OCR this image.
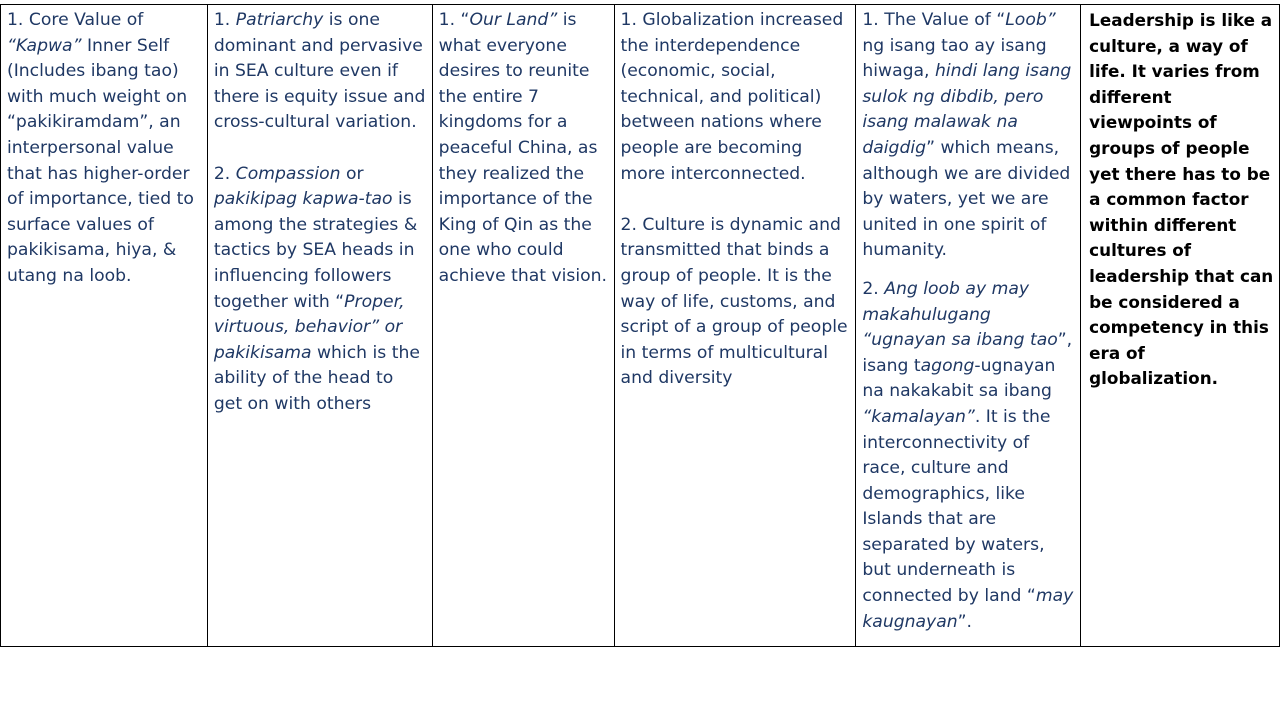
1. Core Value of “Kapwa” Inner Self (Includes ibang tao) with much weight on “pakikiramdam”, an interpersonal value that has higher-order of importance, tied to surface values of pakikisama, hiya, & utang na loob.

1. Patriarchy is one dominant and pervasive in SEA culture even if there is equity issue and cross-cultural variation.

2. Compassion or pakikipag kapwa-tao is among the strategies & tactics by SEA heads in influencing followers together with “Proper, virtuous, behavior” or pakikisama which is the ability of the head to get on with others

1. “Our Land” is what everyone desires to reunite the entire 7 kingdoms for a peaceful China, as they realized the importance of the King of Qin as the one who could achieve that vision.

1. Globalization increased the interdependence (economic, social, technical, and political) between nations where people are becoming more interconnected.

2. Culture is dynamic and transmitted that binds a group of people. It is the way of life, customs, and script of a group of people in terms of multicultural and diversity

1. The Value of “Loob” ng isang tao ay isang hiwaga, hindi lang isang sulok ng dibdib, pero isang malawak na daigdig” which means, although we are divided by waters, yet we are united in one spirit of humanity.

2. Ang loob ay may makahulugang “ugnayan sa ibang tao”, isang tagong-ugnayan na nakakabit sa ibang “kamalayan”. It is the interconnectivity of race, culture and demographics, like Islands that are separated by waters, but underneath is connected by land “may kaugnayan”.

Leadership is like a culture, a way of life. It varies from different viewpoints of groups of people yet there has to be a common factor within different cultures of leadership that can be considered a competency in this era of globalization.
